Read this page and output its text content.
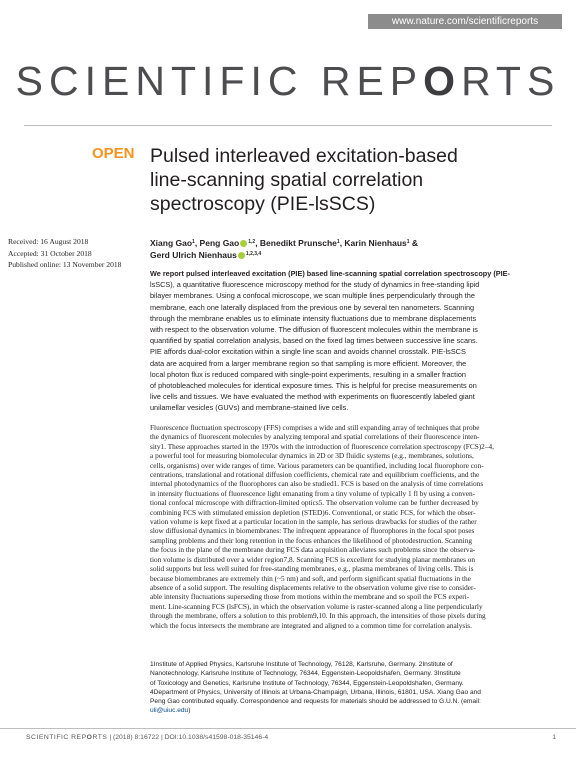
www.nature.com/scientificreports
SCIENTIFIC REPORTS
OPEN Pulsed interleaved excitation-based
line-scanning spatial correlation
spectroscopy (PIE-lsSCS)
Received: 16 August 2018
Accepted: 31 October 2018
Published online: 13 November 2018
Xiang Gao$^1$, Peng Gao $^{1,2}$, Benedikt Prunsche$^1$, Karin Nienhaus$^1$ &
Gerd Ulrich Nienhaus $^{1,2,3,4}$
We report pulsed interleaved excitation (PIE) based line-scanning spatial correlation spectroscopy (PIE-
lsSCS), a quantitative fluorescence microscopy method for the study of dynamics in free-standing lipid
bilayer membranes. Using a confocal microscope, we scan multiple lines perpendicularly through the
membrane, each one laterally displaced from the previous one by several ten nanometers. Scanning
through the membrane enables us to eliminate intensity fluctuations due to membrane displacements
with respect to the observation volume. The diffusion of fluorescent molecules within the membrane is
quantified by spatial correlation analysis, based on the fixed lag times between successive line scans.
PIE affords dual-color excitation within a single line scan and avoids channel crosstalk. PIE-lsSCS
data are acquired from a larger membrane region so that sampling is more efficient. Moreover, the
local photon flux is reduced compared with single-point experiments, resulting in a smaller fraction
of photobleached molecules for identical exposure times. This is helpful for precise measurements on
live cells and tissues. We have evaluated the method with experiments on fluorescently labeled giant
unilamellar vesicles (GUVs) and membrane-stained live cells.
Fluorescence fluctuation spectroscopy (FFS) comprises a wide and still expanding array of techniques that probe
the dynamics of fluorescent molecules by analyzing temporal and spatial correlations of their fluorescence inten-
sity1. These approaches started in the 1970s with the introduction of fluorescence correlation spectroscopy (FCS)2–4,
a powerful tool for measuring biomolecular dynamics in 2D or 3D fluidic systems (e.g., membranes, solutions,
cells, organisms) over wide ranges of time. Various parameters can be quantified, including local fluorophore con-
centrations, translational and rotational diffusion coefficients, chemical rate and equilibrium coefficients, and the
internal photodynamics of the fluorophores can also be studied1. FCS is based on the analysis of time correlations
in intensity fluctuations of fluorescence light emanating from a tiny volume of typically 1 fl by using a conven-
tional confocal microscope with diffraction-limited optics5. The observation volume can be further decreased by
combining FCS with stimulated emission depletion (STED)6. Conventional, or static FCS, for which the obser-
vation volume is kept fixed at a particular location in the sample, has serious drawbacks for studies of the rather
slow diffusional dynamics in biomembranes: The infrequent appearance of fluorophores in the focal spot poses
sampling problems and their long retention in the focus enhances the likelihood of photodestruction. Scanning
the focus in the plane of the membrane during FCS data acquisition alleviates such problems since the observa-
tion volume is distributed over a wider region7,8. Scanning FCS is excellent for studying planar membranes on
solid supports but less well suited for free-standing membranes, e.g., plasma membranes of living cells. This is
because biomembranes are extremely thin (~5 nm) and soft, and perform significant spatial fluctuations in the
absence of a solid support. The resulting displacements relative to the observation volume give rise to consider-
able intensity fluctuations superseding those from motions within the membrane and so spoil the FCS experi-
ment. Line-scanning FCS (lsFCS), in which the observation volume is raster-scanned along a line perpendicularly
through the membrane, offers a solution to this problem9,10. In this approach, the intensities of those pixels during
which the focus intersects the membrane are integrated and aligned to a common time for correlation analysis.
1Institute of Applied Physics, Karlsruhe Institute of Technology, 76128, Karlsruhe, Germany. 2Institute of
Nanotechnology, Karlsruhe Institute of Technology, 76344, Eggenstein-Leopoldshafen, Germany. 3Institute
of Toxicology and Genetics, Karlsruhe Institute of Technology, 76344, Eggenstein-Leopoldshafen, Germany.
4Department of Physics, University of Illinois at Urbana-Champaign, Urbana, Illinois, 61801, USA. Xiang Gao and
Peng Gao contributed equally. Correspondence and requests for materials should be addressed to G.U.N. (email:
uli@uiuc.edu)
SCIENTIFIC REPORTS | (2018) 8:16722 | DOI:10.1038/s41598-018-35146-4	1
